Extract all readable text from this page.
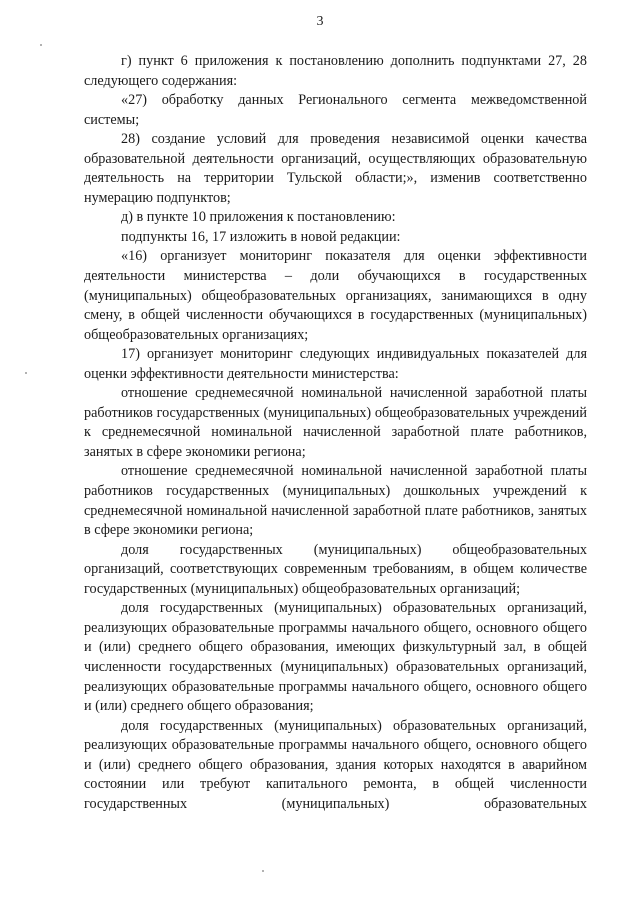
3

г) пункт 6 приложения к постановлению дополнить подпунктами 27, 28 следующего содержания:

«27) обработку данных Регионального сегмента межведомственной системы;

28) создание условий для проведения независимой оценки качества образовательной деятельности организаций, осуществляющих образовательную деятельность на территории Тульской области;», изменив соответственно нумерацию подпунктов;

д) в пункте 10 приложения к постановлению:

подпункты 16, 17 изложить в новой редакции:

«16) организует мониторинг показателя для оценки эффективности деятельности министерства – доли обучающихся в государственных (муниципальных) общеобразовательных организациях, занимающихся в одну смену, в общей численности обучающихся в государственных (муниципальных) общеобразовательных организациях;

17) организует мониторинг следующих индивидуальных показателей для оценки эффективности деятельности министерства:

отношение среднемесячной номинальной начисленной заработной платы работников государственных (муниципальных) общеобразовательных учреждений к среднемесячной номинальной начисленной заработной плате работников, занятых в сфере экономики региона;

отношение среднемесячной номинальной начисленной заработной платы работников государственных (муниципальных) дошкольных учреждений к среднемесячной номинальной начисленной заработной плате работников, занятых в сфере экономики региона;

доля государственных (муниципальных) общеобразовательных организаций, соответствующих современным требованиям, в общем количестве государственных (муниципальных) общеобразовательных организаций;

доля государственных (муниципальных) образовательных организаций, реализующих образовательные программы начального общего, основного общего и (или) среднего общего образования, имеющих физкультурный зал, в общей численности государственных (муниципальных) образовательных организаций, реализующих образовательные программы начального общего, основного общего и (или) среднего общего образования;

доля государственных (муниципальных) образовательных организаций, реализующих образовательные программы начального общего, основного общего и (или) среднего общего образования, здания которых находятся в аварийном состоянии или требуют капитального ремонта, в общей численности государственных (муниципальных) образовательных
